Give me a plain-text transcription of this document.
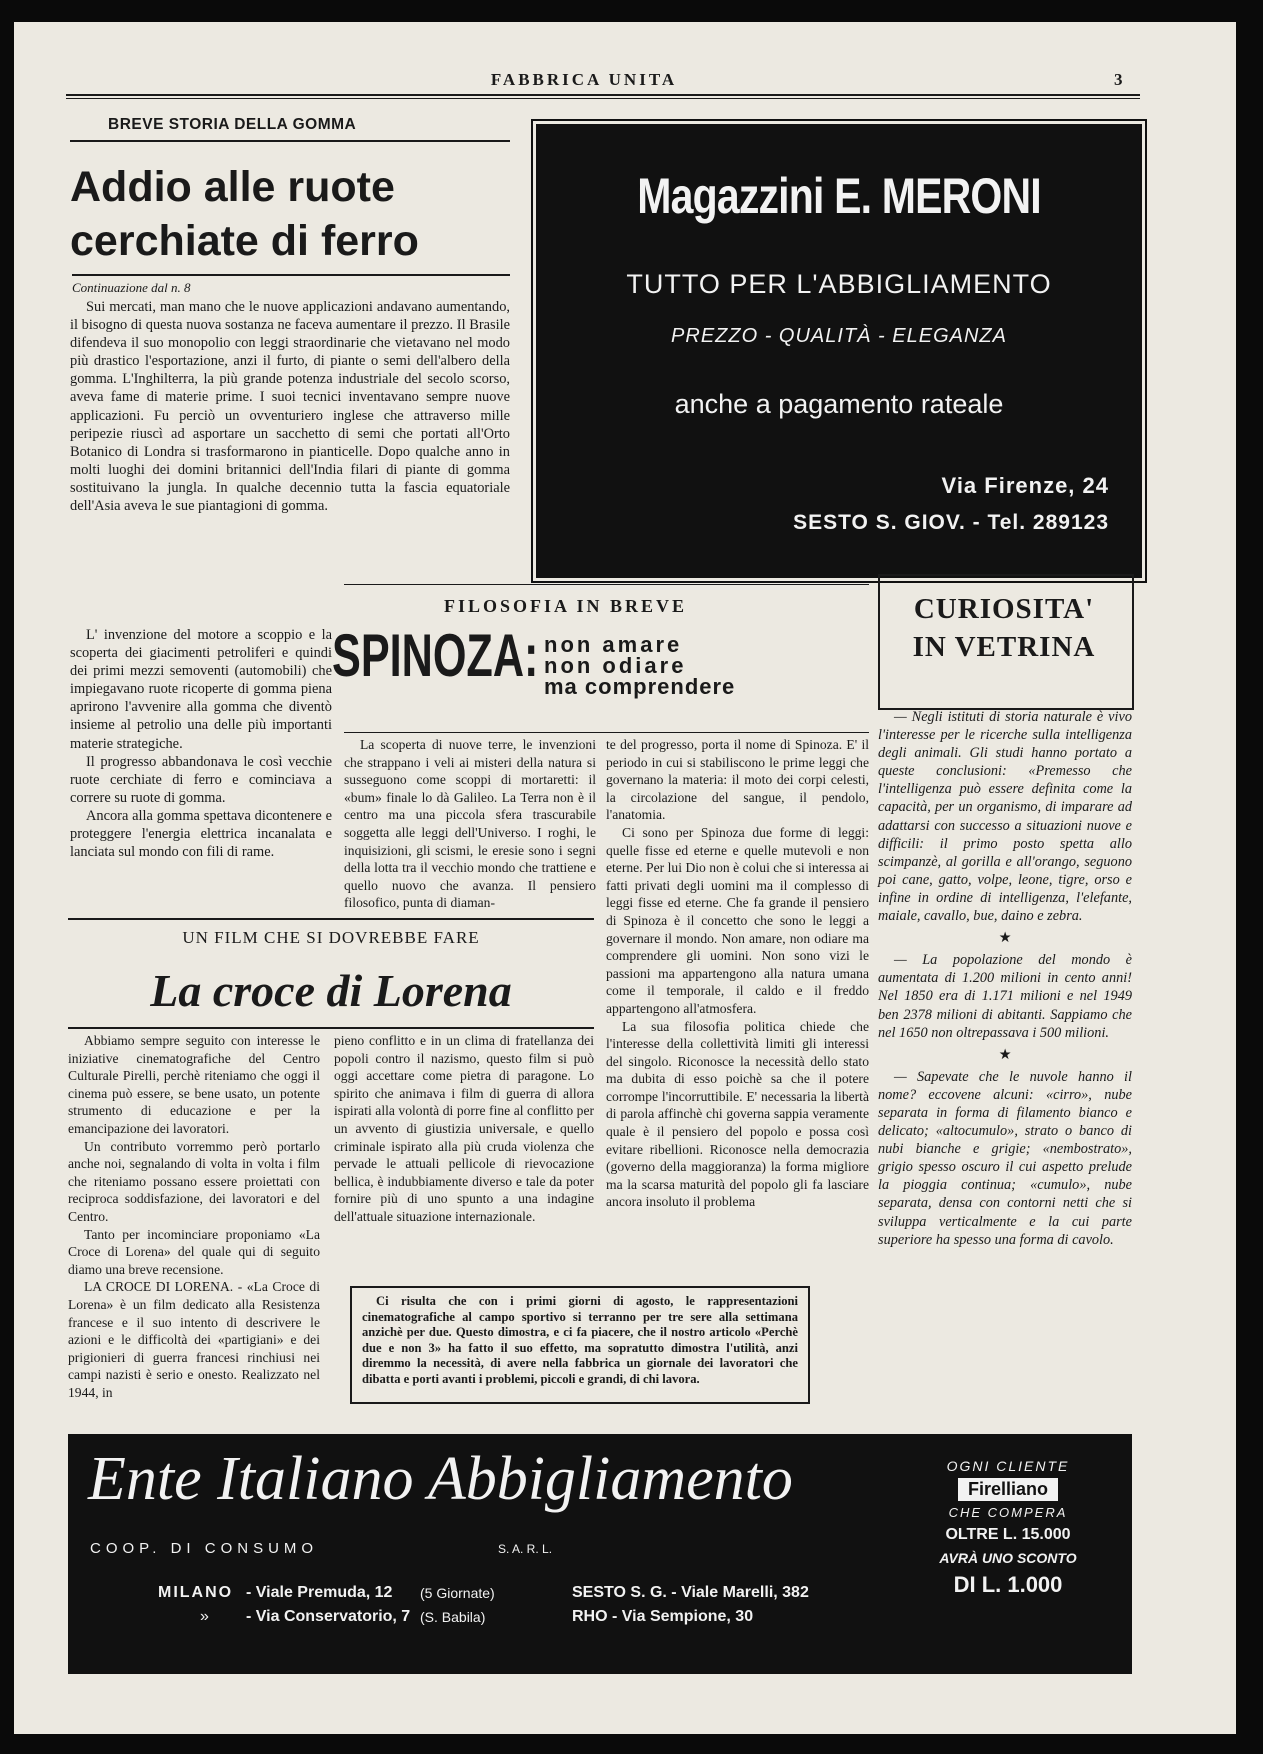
FABBRICA UNITA	3
BREVE STORIA DELLA GOMMA
Addio alle ruote
cerchiate di ferro
Continuazione dal n. 8

Sui mercati, man mano che le nuove applicazioni andavano aumentando, il bisogno di questa nuova sostanza ne faceva aumentare il prezzo. Il Brasile difendeva il suo monopolio con leggi straordinarie che vietavano nel modo più drastico l'esportazione, anzi il furto, di piante o semi dell'albero della gomma. L'Inghilterra, la più grande potenza industriale del secolo scorso, aveva fame di materie prime. I suoi tecnici inventavano sempre nuove applicazioni. Fu perciò un ovventuriero inglese che attraverso mille peripezie riuscì ad asportare un sacchetto di semi che portati all'Orto Botanico di Londra si trasformarono in pianticelle. Dopo qualche anno in molti luoghi dei domini britannici dell'India filari di piante di gomma sostituivano la jungla. In qualche decennio tutta la fascia equatoriale dell'Asia aveva le sue piantagioni di gomma.

L' invenzione del motore a scoppio e la scoperta dei giacimenti petroliferi e quindi dei primi mezzi semoventi (automobili) che impiegavano ruote ricoperte di gomma piena aprirono l'avvenire alla gomma che diventò insieme al petrolio una delle più importanti materie strategiche.

Il progresso abbandonava le così vecchie ruote cerchiate di ferro e cominciava a correre su ruote di gomma.

Ancora alla gomma spettava dicontenere e proteggere l'energia elettrica incanalata e lanciata sul mondo con fili di rame.

Magazzini E. MERONI
TUTTO PER L'ABBIGLIAMENTO
PREZZO - QUALITÀ - ELEGANZA
anche a pagamento rateale
Via Firenze, 24
SESTO S. GIOV. - Tel. 289123
FILOSOFIA IN BREVE
SPINOZA: non amare
non odiare
ma comprendere

La scoperta di nuove terre, le invenzioni che strappano i veli ai misteri della natura si susseguono come scoppi di mortaretti: il «bum» finale lo dà Galileo. La Terra non è il centro ma una piccola sfera trascurabile soggetta alle leggi dell'Universo. I roghi, le inquisizioni, gli scismi, le eresie sono i segni della lotta tra il vecchio mondo che trattiene e quello nuovo che avanza. Il pensiero filosofico, punta di diaman-

te del progresso, porta il nome di Spinoza. E' il periodo in cui si stabiliscono le prime leggi che governano la materia: il moto dei corpi celesti, la circolazione del sangue, il pendolo, l'anatomia.

Ci sono per Spinoza due forme di leggi: quelle fisse ed eterne e quelle mutevoli e non eterne. Per lui Dio non è colui che si interessa ai fatti privati degli uomini ma il complesso di leggi fisse ed eterne. Che fa grande il pensiero di Spinoza è il concetto che sono le leggi a governare il mondo. Non amare, non odiare ma comprendere gli uomini. Non sono vizi le passioni ma appartengono alla natura umana come il temporale, il caldo e il freddo appartengono all'atmosfera.

La sua filosofia politica chiede che l'interesse della collettività limiti gli interessi del singolo. Riconosce la necessità dello stato ma dubita di esso poichè sa che il potere corrompe l'incorruttibile. E' necessaria la libertà di parola affinchè chi governa sappia veramente quale è il pensiero del popolo e possa così evitare ribellioni. Riconosce nella democrazia (governo della maggioranza) la forma migliore ma la scarsa maturità del popolo gli fa lasciare ancora insoluto il problema

CURIOSITA'
IN VETRINA

— Negli istituti di storia naturale è vivo l'interesse per le ricerche sulla intelligenza degli animali. Gli studi hanno portato a queste conclusioni: «Premesso che l'intelligenza può essere definita come la capacità, per un organismo, di imparare ad adattarsi con successo a situazioni nuove e difficili: il primo posto spetta allo scimpanzè, al gorilla e all'orango, seguono poi cane, gatto, volpe, leone, tigre, orso e infine in ordine di intelligenza, l'elefante, maiale, cavallo, bue, daino e zebra.

★

— La popolazione del mondo è aumentata di 1.200 milioni in cento anni! Nel 1850 era di 1.171 milioni e nel 1949 ben 2378 milioni di abitanti. Sappiamo che nel 1650 non oltrepassava i 500 milioni.

★

— Sapevate che le nuvole hanno il nome? eccovene alcuni: «cirro», nube separata in forma di filamento bianco e delicato; «altocumulo», strato o banco di nubi bianche e grigie; «nembostrato», grigio spesso oscuro il cui aspetto prelude la pioggia continua; «cumulo», nube separata, densa con contorni netti che si sviluppa verticalmente e la cui parte superiore ha spesso una forma di cavolo.

UN FILM CHE SI DOVREBBE FARE
La croce di Lorena

Abbiamo sempre seguito con interesse le iniziative cinematografiche del Centro Culturale Pirelli, perchè riteniamo che oggi il cinema può essere, se bene usato, un potente strumento di educazione e per la emancipazione dei lavoratori.

Un contributo vorremmo però portarlo anche noi, segnalando di volta in volta i film che riteniamo possano essere proiettati con reciproca soddisfazione, dei lavoratori e del Centro.

Tanto per incominciare proponiamo «La Croce di Lorena» del quale qui di seguito diamo una breve recensione.

LA CROCE DI LORENA. - «La Croce di Lorena» è un film dedicato alla Resistenza francese e il suo intento di descrivere le azioni e le difficoltà dei «partigiani» e dei prigionieri di guerra francesi rinchiusi nei campi nazisti è serio e onesto. Realizzato nel 1944, in

pieno conflitto e in un clima di fratellanza dei popoli contro il nazismo, questo film si può oggi accettare come pietra di paragone. Lo spirito che animava i film di guerra di allora ispirati alla volontà di porre fine al conflitto per un avvento di giustizia universale, e quello criminale ispirato alla più cruda violenza che pervade le attuali pellicole di rievocazione bellica, è indubbiamente diverso e tale da poter fornire più di uno spunto a una indagine dell'attuale situazione internazionale.

Ci risulta che con i primi giorni di agosto, le rappresentazioni cinematografiche al campo sportivo si terranno per tre sere alla settimana anzichè per due. Questo dimostra, e ci fa piacere, che il nostro articolo «Perchè due e non 3» ha fatto il suo effetto, ma sopratutto dimostra l'utilità, anzi diremmo la necessità, di avere nella fabbrica un giornale dei lavoratori che dibatta e porti avanti i problemi, piccoli e grandi, di chi lavora.

Ente Italiano Abbigliamento
COOP. DI CONSUMO	S. A. R. L.
MILANO - Viale Premuda, 12 (5 Giornate)
» - Via Conservatorio, 7 (S. Babila)
SESTO S. G. - Viale Marelli, 382
RHO - Via Sempione, 30
OGNI CLIENTE
Firelliano
CHE COMPERA
OLTRE L. 15.000
AVRÀ UNO SCONTO
DI L. 1.000
